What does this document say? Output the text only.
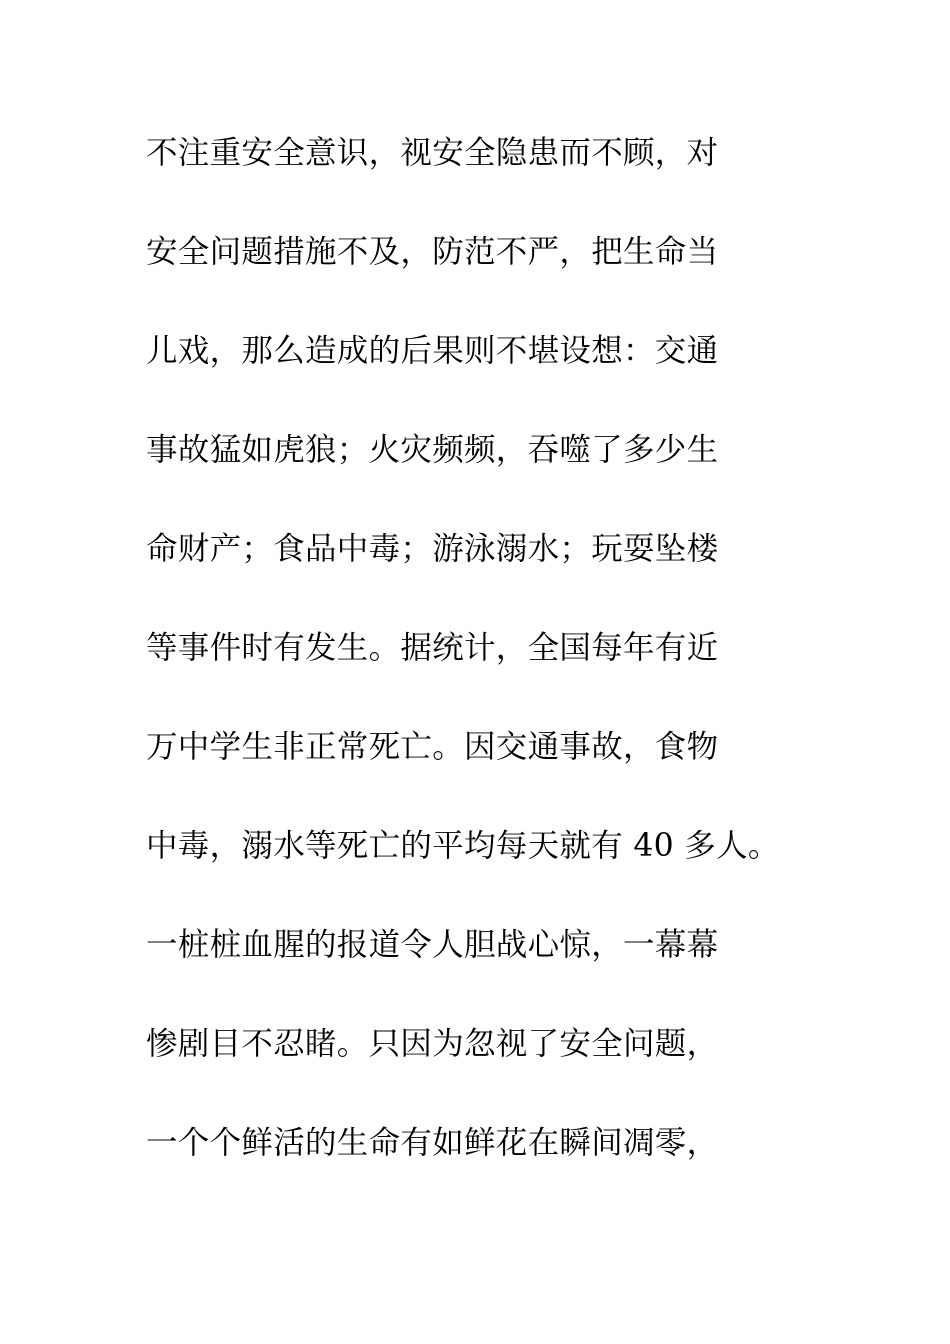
不注重安全意识，视安全隐患而不顾，对
安全问题措施不及，防范不严，把生命当
儿戏，那么造成的后果则不堪设想：交通
事故猛如虎狼；火灾频频，吞噬了多少生
命财产；食品中毒；游泳溺水；玩耍坠楼
等事件时有发生。据统计，全国每年有近
万中学生非正常死亡。因交通事故，食物
中毒，溺水等死亡的平均每天就有 40 多人。
一桩桩血腥的报道令人胆战心惊，一幕幕
惨剧目不忍睹。只因为忽视了安全问题，
一个个鲜活的生命有如鲜花在瞬间凋零，
